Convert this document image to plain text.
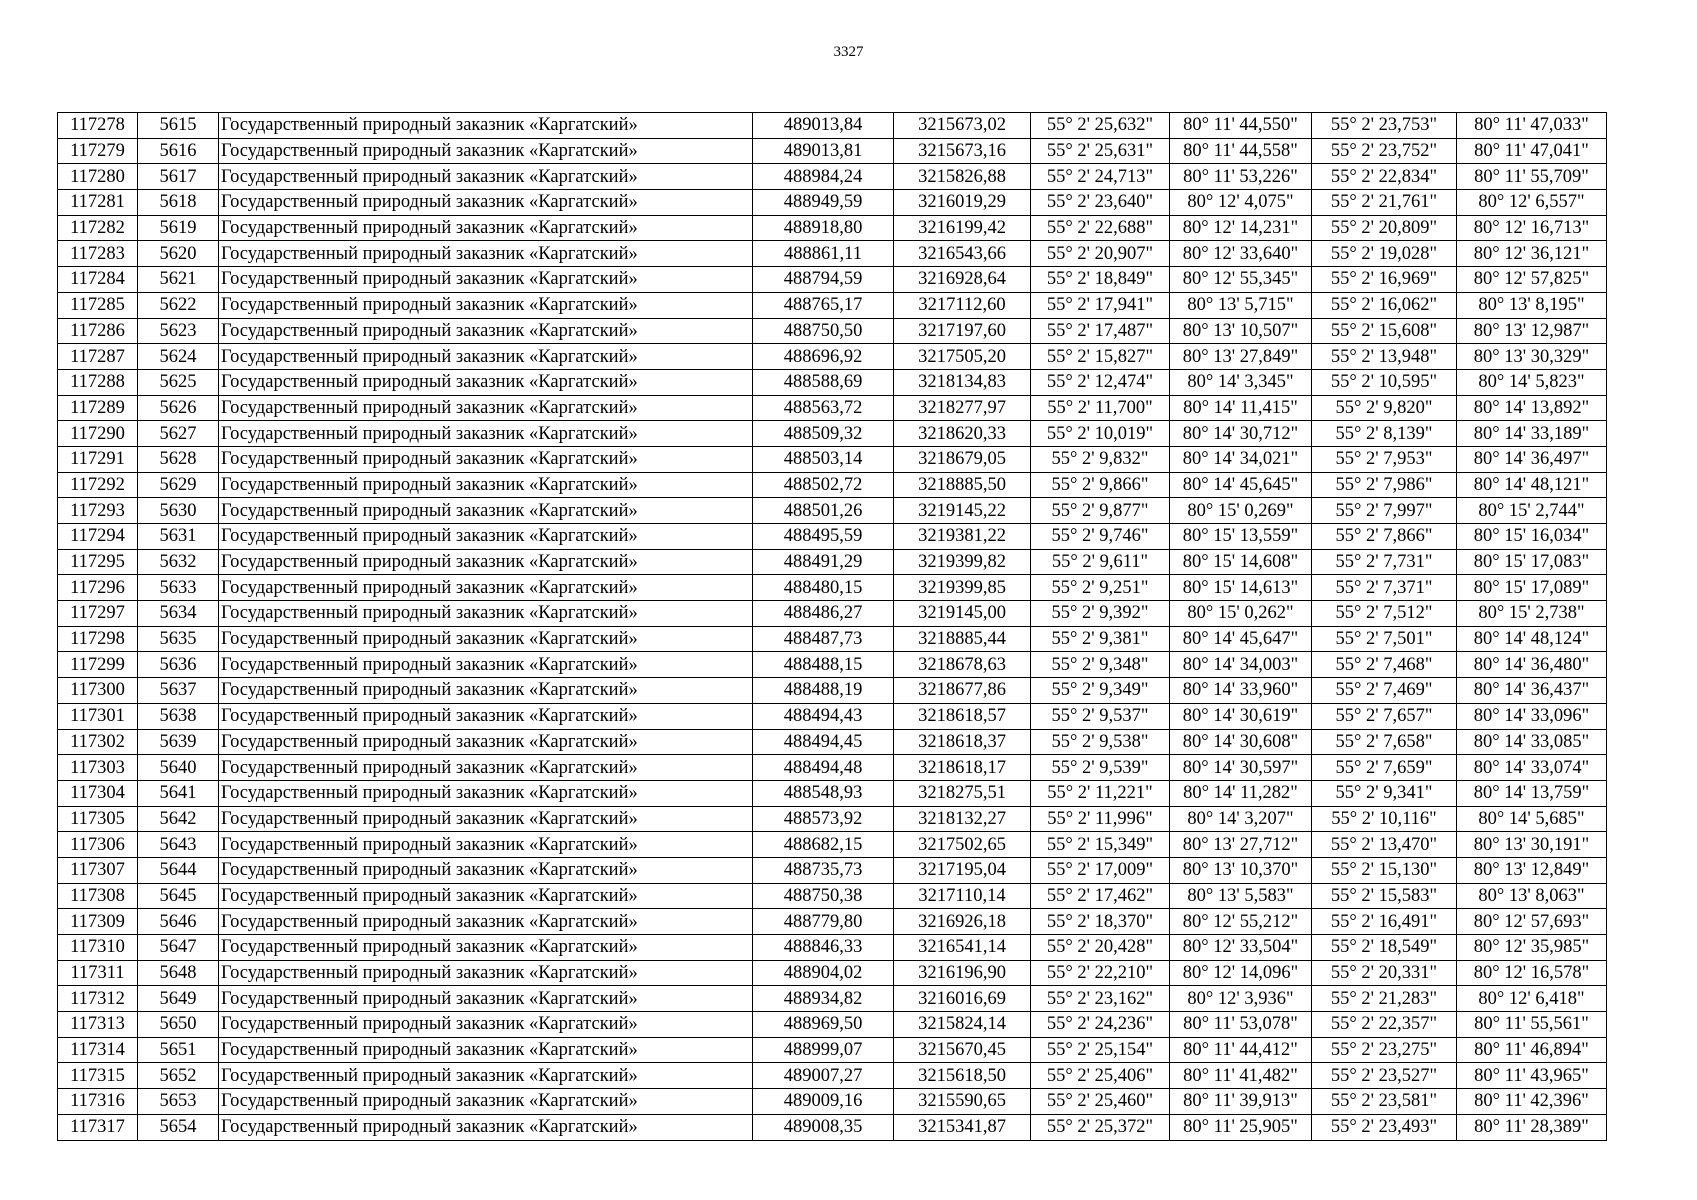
3327
117278	5615	Государственный природный заказник «Каргатский»	489013,84	3215673,02	55° 2' 25,632"	80° 11' 44,550"	55° 2' 23,753"	80° 11' 47,033"
117279	5616	Государственный природный заказник «Каргатский»	489013,81	3215673,16	55° 2' 25,631"	80° 11' 44,558"	55° 2' 23,752"	80° 11' 47,041"
117280	5617	Государственный природный заказник «Каргатский»	488984,24	3215826,88	55° 2' 24,713"	80° 11' 53,226"	55° 2' 22,834"	80° 11' 55,709"
117281	5618	Государственный природный заказник «Каргатский»	488949,59	3216019,29	55° 2' 23,640"	80° 12' 4,075"	55° 2' 21,761"	80° 12' 6,557"
117282	5619	Государственный природный заказник «Каргатский»	488918,80	3216199,42	55° 2' 22,688"	80° 12' 14,231"	55° 2' 20,809"	80° 12' 16,713"
117283	5620	Государственный природный заказник «Каргатский»	488861,11	3216543,66	55° 2' 20,907"	80° 12' 33,640"	55° 2' 19,028"	80° 12' 36,121"
117284	5621	Государственный природный заказник «Каргатский»	488794,59	3216928,64	55° 2' 18,849"	80° 12' 55,345"	55° 2' 16,969"	80° 12' 57,825"
117285	5622	Государственный природный заказник «Каргатский»	488765,17	3217112,60	55° 2' 17,941"	80° 13' 5,715"	55° 2' 16,062"	80° 13' 8,195"
117286	5623	Государственный природный заказник «Каргатский»	488750,50	3217197,60	55° 2' 17,487"	80° 13' 10,507"	55° 2' 15,608"	80° 13' 12,987"
117287	5624	Государственный природный заказник «Каргатский»	488696,92	3217505,20	55° 2' 15,827"	80° 13' 27,849"	55° 2' 13,948"	80° 13' 30,329"
117288	5625	Государственный природный заказник «Каргатский»	488588,69	3218134,83	55° 2' 12,474"	80° 14' 3,345"	55° 2' 10,595"	80° 14' 5,823"
117289	5626	Государственный природный заказник «Каргатский»	488563,72	3218277,97	55° 2' 11,700"	80° 14' 11,415"	55° 2' 9,820"	80° 14' 13,892"
117290	5627	Государственный природный заказник «Каргатский»	488509,32	3218620,33	55° 2' 10,019"	80° 14' 30,712"	55° 2' 8,139"	80° 14' 33,189"
117291	5628	Государственный природный заказник «Каргатский»	488503,14	3218679,05	55° 2' 9,832"	80° 14' 34,021"	55° 2' 7,953"	80° 14' 36,497"
117292	5629	Государственный природный заказник «Каргатский»	488502,72	3218885,50	55° 2' 9,866"	80° 14' 45,645"	55° 2' 7,986"	80° 14' 48,121"
117293	5630	Государственный природный заказник «Каргатский»	488501,26	3219145,22	55° 2' 9,877"	80° 15' 0,269"	55° 2' 7,997"	80° 15' 2,744"
117294	5631	Государственный природный заказник «Каргатский»	488495,59	3219381,22	55° 2' 9,746"	80° 15' 13,559"	55° 2' 7,866"	80° 15' 16,034"
117295	5632	Государственный природный заказник «Каргатский»	488491,29	3219399,82	55° 2' 9,611"	80° 15' 14,608"	55° 2' 7,731"	80° 15' 17,083"
117296	5633	Государственный природный заказник «Каргатский»	488480,15	3219399,85	55° 2' 9,251"	80° 15' 14,613"	55° 2' 7,371"	80° 15' 17,089"
117297	5634	Государственный природный заказник «Каргатский»	488486,27	3219145,00	55° 2' 9,392"	80° 15' 0,262"	55° 2' 7,512"	80° 15' 2,738"
117298	5635	Государственный природный заказник «Каргатский»	488487,73	3218885,44	55° 2' 9,381"	80° 14' 45,647"	55° 2' 7,501"	80° 14' 48,124"
117299	5636	Государственный природный заказник «Каргатский»	488488,15	3218678,63	55° 2' 9,348"	80° 14' 34,003"	55° 2' 7,468"	80° 14' 36,480"
117300	5637	Государственный природный заказник «Каргатский»	488488,19	3218677,86	55° 2' 9,349"	80° 14' 33,960"	55° 2' 7,469"	80° 14' 36,437"
117301	5638	Государственный природный заказник «Каргатский»	488494,43	3218618,57	55° 2' 9,537"	80° 14' 30,619"	55° 2' 7,657"	80° 14' 33,096"
117302	5639	Государственный природный заказник «Каргатский»	488494,45	3218618,37	55° 2' 9,538"	80° 14' 30,608"	55° 2' 7,658"	80° 14' 33,085"
117303	5640	Государственный природный заказник «Каргатский»	488494,48	3218618,17	55° 2' 9,539"	80° 14' 30,597"	55° 2' 7,659"	80° 14' 33,074"
117304	5641	Государственный природный заказник «Каргатский»	488548,93	3218275,51	55° 2' 11,221"	80° 14' 11,282"	55° 2' 9,341"	80° 14' 13,759"
117305	5642	Государственный природный заказник «Каргатский»	488573,92	3218132,27	55° 2' 11,996"	80° 14' 3,207"	55° 2' 10,116"	80° 14' 5,685"
117306	5643	Государственный природный заказник «Каргатский»	488682,15	3217502,65	55° 2' 15,349"	80° 13' 27,712"	55° 2' 13,470"	80° 13' 30,191"
117307	5644	Государственный природный заказник «Каргатский»	488735,73	3217195,04	55° 2' 17,009"	80° 13' 10,370"	55° 2' 15,130"	80° 13' 12,849"
117308	5645	Государственный природный заказник «Каргатский»	488750,38	3217110,14	55° 2' 17,462"	80° 13' 5,583"	55° 2' 15,583"	80° 13' 8,063"
117309	5646	Государственный природный заказник «Каргатский»	488779,80	3216926,18	55° 2' 18,370"	80° 12' 55,212"	55° 2' 16,491"	80° 12' 57,693"
117310	5647	Государственный природный заказник «Каргатский»	488846,33	3216541,14	55° 2' 20,428"	80° 12' 33,504"	55° 2' 18,549"	80° 12' 35,985"
117311	5648	Государственный природный заказник «Каргатский»	488904,02	3216196,90	55° 2' 22,210"	80° 12' 14,096"	55° 2' 20,331"	80° 12' 16,578"
117312	5649	Государственный природный заказник «Каргатский»	488934,82	3216016,69	55° 2' 23,162"	80° 12' 3,936"	55° 2' 21,283"	80° 12' 6,418"
117313	5650	Государственный природный заказник «Каргатский»	488969,50	3215824,14	55° 2' 24,236"	80° 11' 53,078"	55° 2' 22,357"	80° 11' 55,561"
117314	5651	Государственный природный заказник «Каргатский»	488999,07	3215670,45	55° 2' 25,154"	80° 11' 44,412"	55° 2' 23,275"	80° 11' 46,894"
117315	5652	Государственный природный заказник «Каргатский»	489007,27	3215618,50	55° 2' 25,406"	80° 11' 41,482"	55° 2' 23,527"	80° 11' 43,965"
117316	5653	Государственный природный заказник «Каргатский»	489009,16	3215590,65	55° 2' 25,460"	80° 11' 39,913"	55° 2' 23,581"	80° 11' 42,396"
117317	5654	Государственный природный заказник «Каргатский»	489008,35	3215341,87	55° 2' 25,372"	80° 11' 25,905"	55° 2' 23,493"	80° 11' 28,389"
